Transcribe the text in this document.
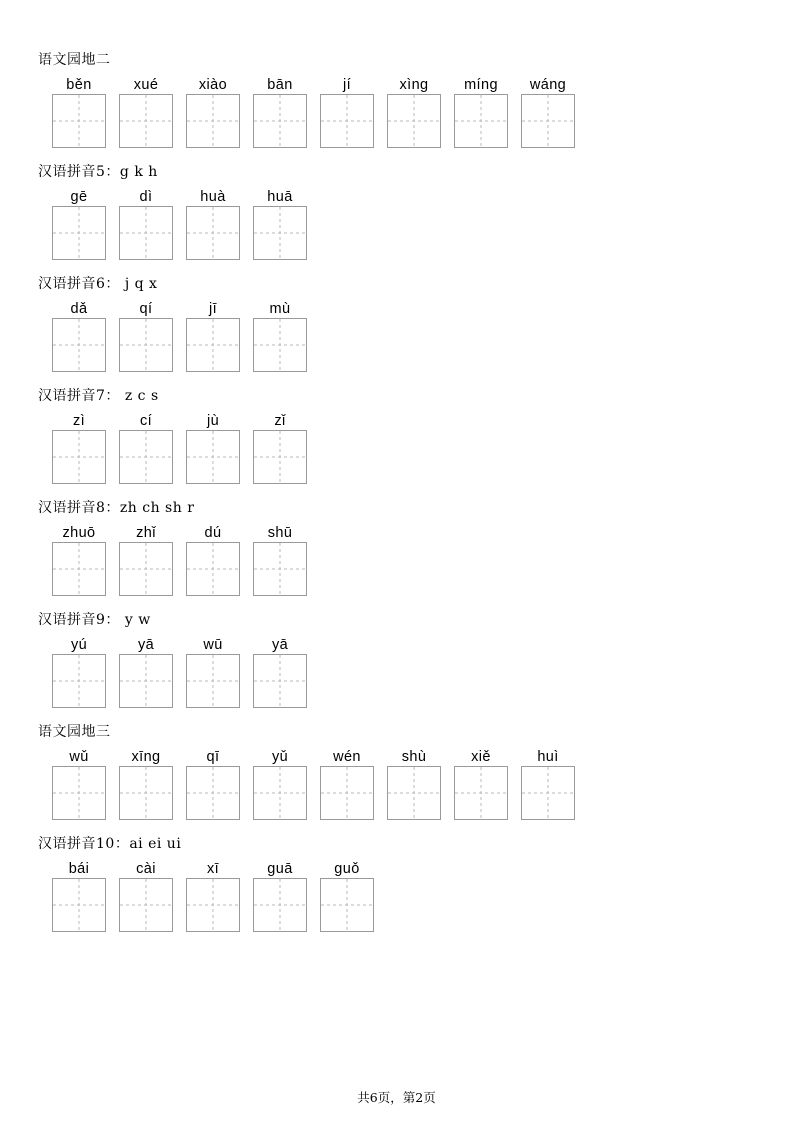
语文园地二
běn	xué	xiào	bān	jí	xìng míng wáng
汉语拼音5：g k h
gē	dì	huà	huā
汉语拼音6： j q x
dǎ	qí	jī	mù
汉语拼音7： z c s
zì	cí	jù	zǐ
汉语拼音8：zh ch sh r
zhuō	zhǐ	dú	shū
汉语拼音9： y w
yú	yā	wū	yā
语文园地三
wǔ	xīng	qī	yǔ	wén	shù	xiě	huì
汉语拼音10：ai ei ui
bái	cài	xī	guā	guǒ
共6页，第2页
